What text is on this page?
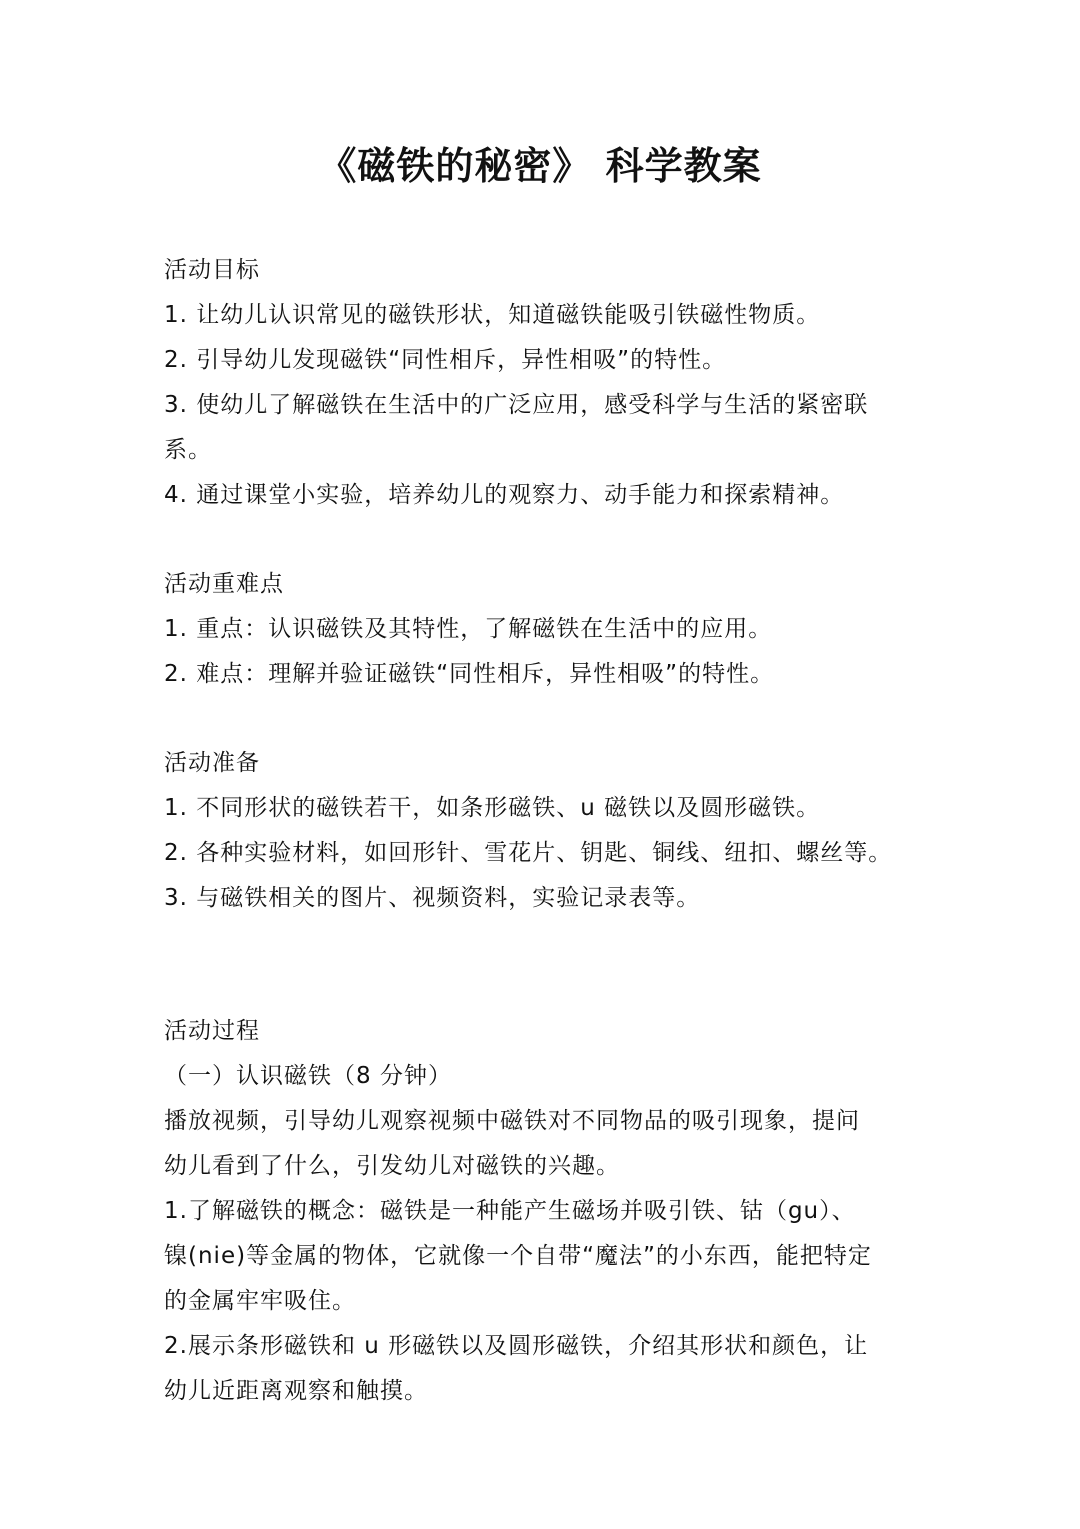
《磁铁的秘密》 科学教案
活动目标
1. 让幼儿认识常见的磁铁形状，知道磁铁能吸引铁磁性物质。
2. 引导幼儿发现磁铁“同性相斥，异性相吸”的特性。
3. 使幼儿了解磁铁在生活中的广泛应用，感受科学与生活的紧密联
系。
4. 通过课堂小实验，培养幼儿的观察力、动手能力和探索精神。
活动重难点
1. 重点：认识磁铁及其特性，了解磁铁在生活中的应用。
2. 难点：理解并验证磁铁“同性相斥，异性相吸”的特性。
活动准备
1. 不同形状的磁铁若干，如条形磁铁、u 磁铁以及圆形磁铁。
2. 各种实验材料，如回形针、雪花片、钥匙、铜线、纽扣、螺丝等。
3. 与磁铁相关的图片、视频资料，实验记录表等。
活动过程
（一）认识磁铁（8 分钟）
播放视频，引导幼儿观察视频中磁铁对不同物品的吸引现象，提问
幼儿看到了什么，引发幼儿对磁铁的兴趣。
1.了解磁铁的概念：磁铁是一种能产生磁场并吸引铁、钴（gu）、
镍(nie)等金属的物体，它就像一个自带“魔法”的小东西，能把特定
的金属牢牢吸住。
2.展示条形磁铁和 u 形磁铁以及圆形磁铁，介绍其形状和颜色，让
幼儿近距离观察和触摸。
